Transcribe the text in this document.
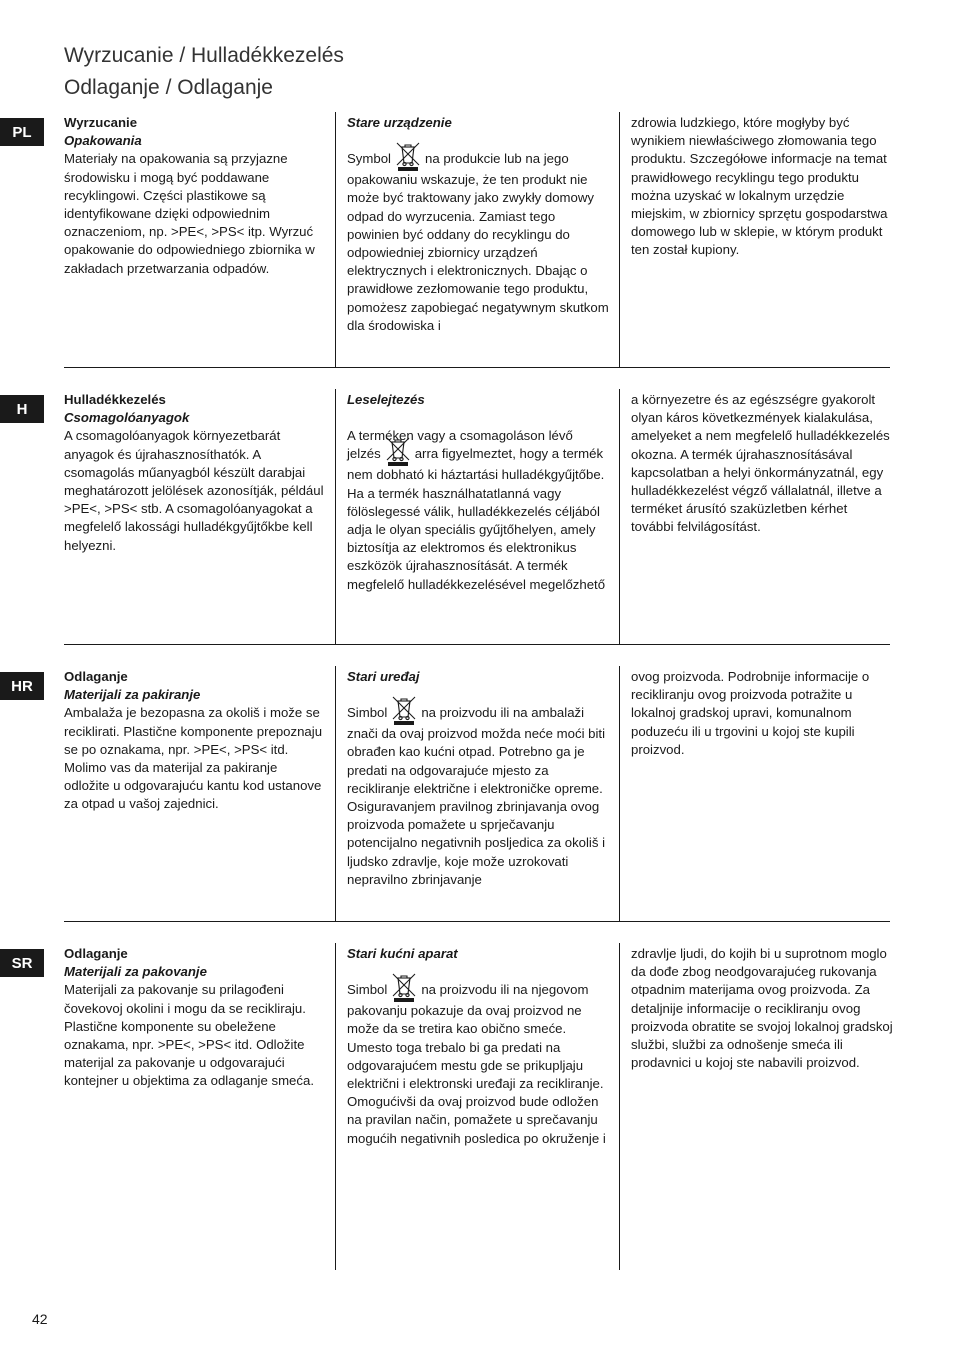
Wyrzucanie / Hulladékkezelés
Odlaganje / Odlaganje
PL

Wyrzucanie

Opakowania

Materiały na opakowania są przyjazne środowisku i mogą być poddawane recyklingowi. Części plastikowe są identyfikowane dzięki odpowiednim oznaczeniom, np. >PE<, >PS< itp. Wyrzuć opakowanie do odpowiedniego zbiornika w zakładach przetwarzania odpadów.

Stare urządzenie

Symbol	na produkcie lub na jego opakowaniu wskazuje, że ten produkt nie może być traktowany jako zwykły domowy odpad do wyrzucenia. Zamiast tego powinien być oddany do recyklingu do odpowiedniej zbiornicy urządzeń elektrycznych i elektronicznych. Dbając o prawidłowe zezłomowanie tego produktu, pomożesz zapobiegać negatywnym skutkom dla środowiska i

zdrowia ludzkiego, które mogłyby być wynikiem niewłaściwego złomowania tego produktu. Szczegółowe informacje na temat prawidłowego recyklingu tego produktu można uzyskać w lokalnym urzędzie miejskim, w zbiornicy sprzętu gospodarstwa domowego lub w sklepie, w którym produkt ten został kupiony.

H

Hulladékkezelés

Csomagolóanyagok

A csomagolóanyagok környezetbarát anyagok és újrahasznosíthatók. A csomagolás műanyagból készült darabjai meghatározott jelölések azonosítják, például >PE<, >PS< stb. A csomagolóanyagokat a megfelelő lakossági hulladékgyűjtőkbe kell helyezni.

Leselejtezés

A terméken vagy a csomagoláson lévő jelzés	arra figyelmeztet, hogy a termék nem dobható ki háztartási hulladékgyűjtőbe. Ha a termék használhatatlanná vagy fölöslegessé válik, hulladékkezelés céljából adja le olyan speciális gyűjtőhelyen, amely biztosítja az elektromos és elektronikus eszközök újrahasznosítását. A termék megfelelő hulladékkezelésével megelőzhető

a környezetre és az egészségre gyakorolt olyan káros következmények kialakulása, amelyeket a nem megfelelő hulladékkezelés okozna. A termék újrahasznosításával kapcsolatban a helyi önkormányzatnál, egy hulladékkezelést végző vállalatnál, illetve a terméket árusító szaküzletben kérhet további felvilágosítást.

HR

Odlaganje

Materijali za pakiranje

Ambalaža je bezopasna za okoliš i može se reciklirati. Plastične komponente prepoznaju se po oznakama, npr. >PE<, >PS< itd. Molimo vas da materijal za pakiranje odložite u odgovarajuću kantu kod ustanove za otpad u vašoj zajednici.

Stari uređaj

Simbol	na proizvodu ili na ambalaži znači da ovaj proizvod možda neće moći biti obrađen kao kućni otpad. Potrebno ga je predati na odgovarajuće mjesto za recikliranje električne i elektroničke opreme. Osiguravanjem pravilnog zbrinjavanja ovog proizvoda pomažete u sprječavanju potencijalno negativnih posljedica za okoliš i ljudsko zdravlje, koje može uzrokovati nepravilno zbrinjavanje

ovog proizvoda. Podrobnije informacije o recikliranju ovog proizvoda potražite u lokalnoj gradskoj upravi, komunalnom poduzeću ili u trgovini u kojoj ste kupili proizvod.

SR

Odlaganje

Materijali za pakovanje

Materijali za pakovanje su prilagođeni čovekovoj okolini i mogu da se recikliraju. Plastične komponente su obeležene oznakama, npr. >PE<, >PS< itd. Odložite materijal za pakovanje u odgovarajući kontejner u objektima za odlaganje smeća.

Stari kućni aparat

Simbol	na proizvodu ili na njegovom pakovanju pokazuje da ovaj proizvod ne može da se tretira kao obično smeće. Umesto toga trebalo bi ga predati na odgovarajućem mestu gde se prikupljaju električni i elektronski uređaji za recikliranje. Omogućivši da ovaj proizvod bude odložen na pravilan način, pomažete u sprečavanju mogućih negativnih posledica po okruženje i

zdravlje ljudi, do kojih bi u suprotnom moglo da dođe zbog neodgovarajućeg rukovanja otpadnim materijama ovog proizvoda. Za detaljnije informacije o recikliranju ovog proizvoda obratite se svojoj lokalnoj gradskoj službi, službi za odnošenje smeća ili prodavnici u kojoj ste nabavili proizvod.

42
